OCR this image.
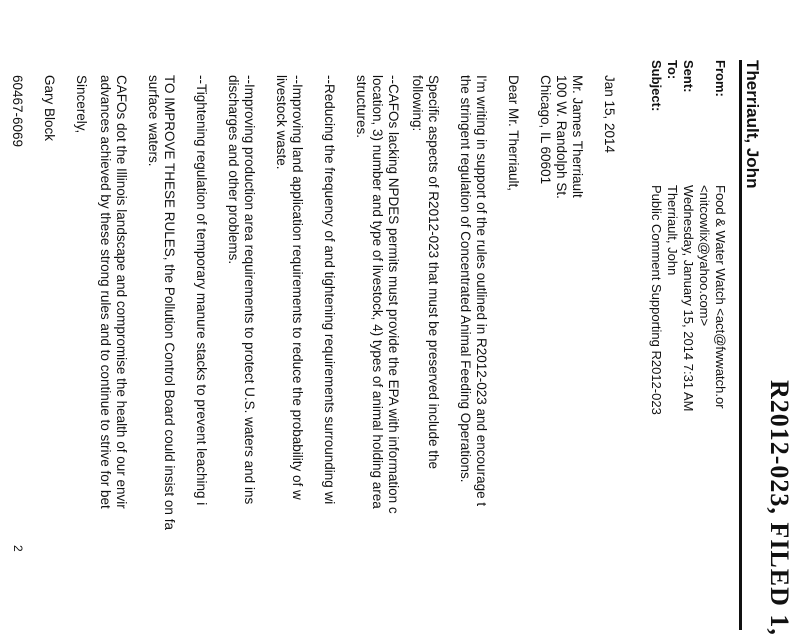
R2012-023, FILED 1,
Therriault, John
From:
Food & Water Watch <act@fwwatch.or
<nitcowlix@yahoo.com>
Sent:
Wednesday, January 15, 2014 7:31 AM
To:
Therriault, John
Subject:
Public Comment Supporting R2012-023
Jan 15, 2014
Mr. James Therriault
100 W. Randolph St.
Chicago, IL 60601
Dear Mr. Therriault,
I'm writing in support of the rules outlined in R2012-023 and encourage t
the stringent regulation of Concentrated Animal Feeding Operations.
Specific aspects of R2012-023 that must be preserved include the
following:
--CAFOs lacking NPDES permits must provide the EPA with information c
location, 3) number and type of livestock, 4) types of animal holding area
structures.
--Reducing the frequency of and tightening requirements surrounding wi
--Improving land application requirements to reduce the probability of w
livestock waste.
--Improving production area requirements to protect U.S. waters and ins
discharges and other problems.
--Tightening regulation of temporary manure stacks to prevent leaching i
TO IMPROVE THESE RULES, the Pollution Control Board could insist on fa
surface waters.
CAFOs dot the Illinois landscape and compromise the health of our envir
advances achieved by these strong rules and to continue to strive for bet
Sincerely,
Gary Block
60467-6069
2
